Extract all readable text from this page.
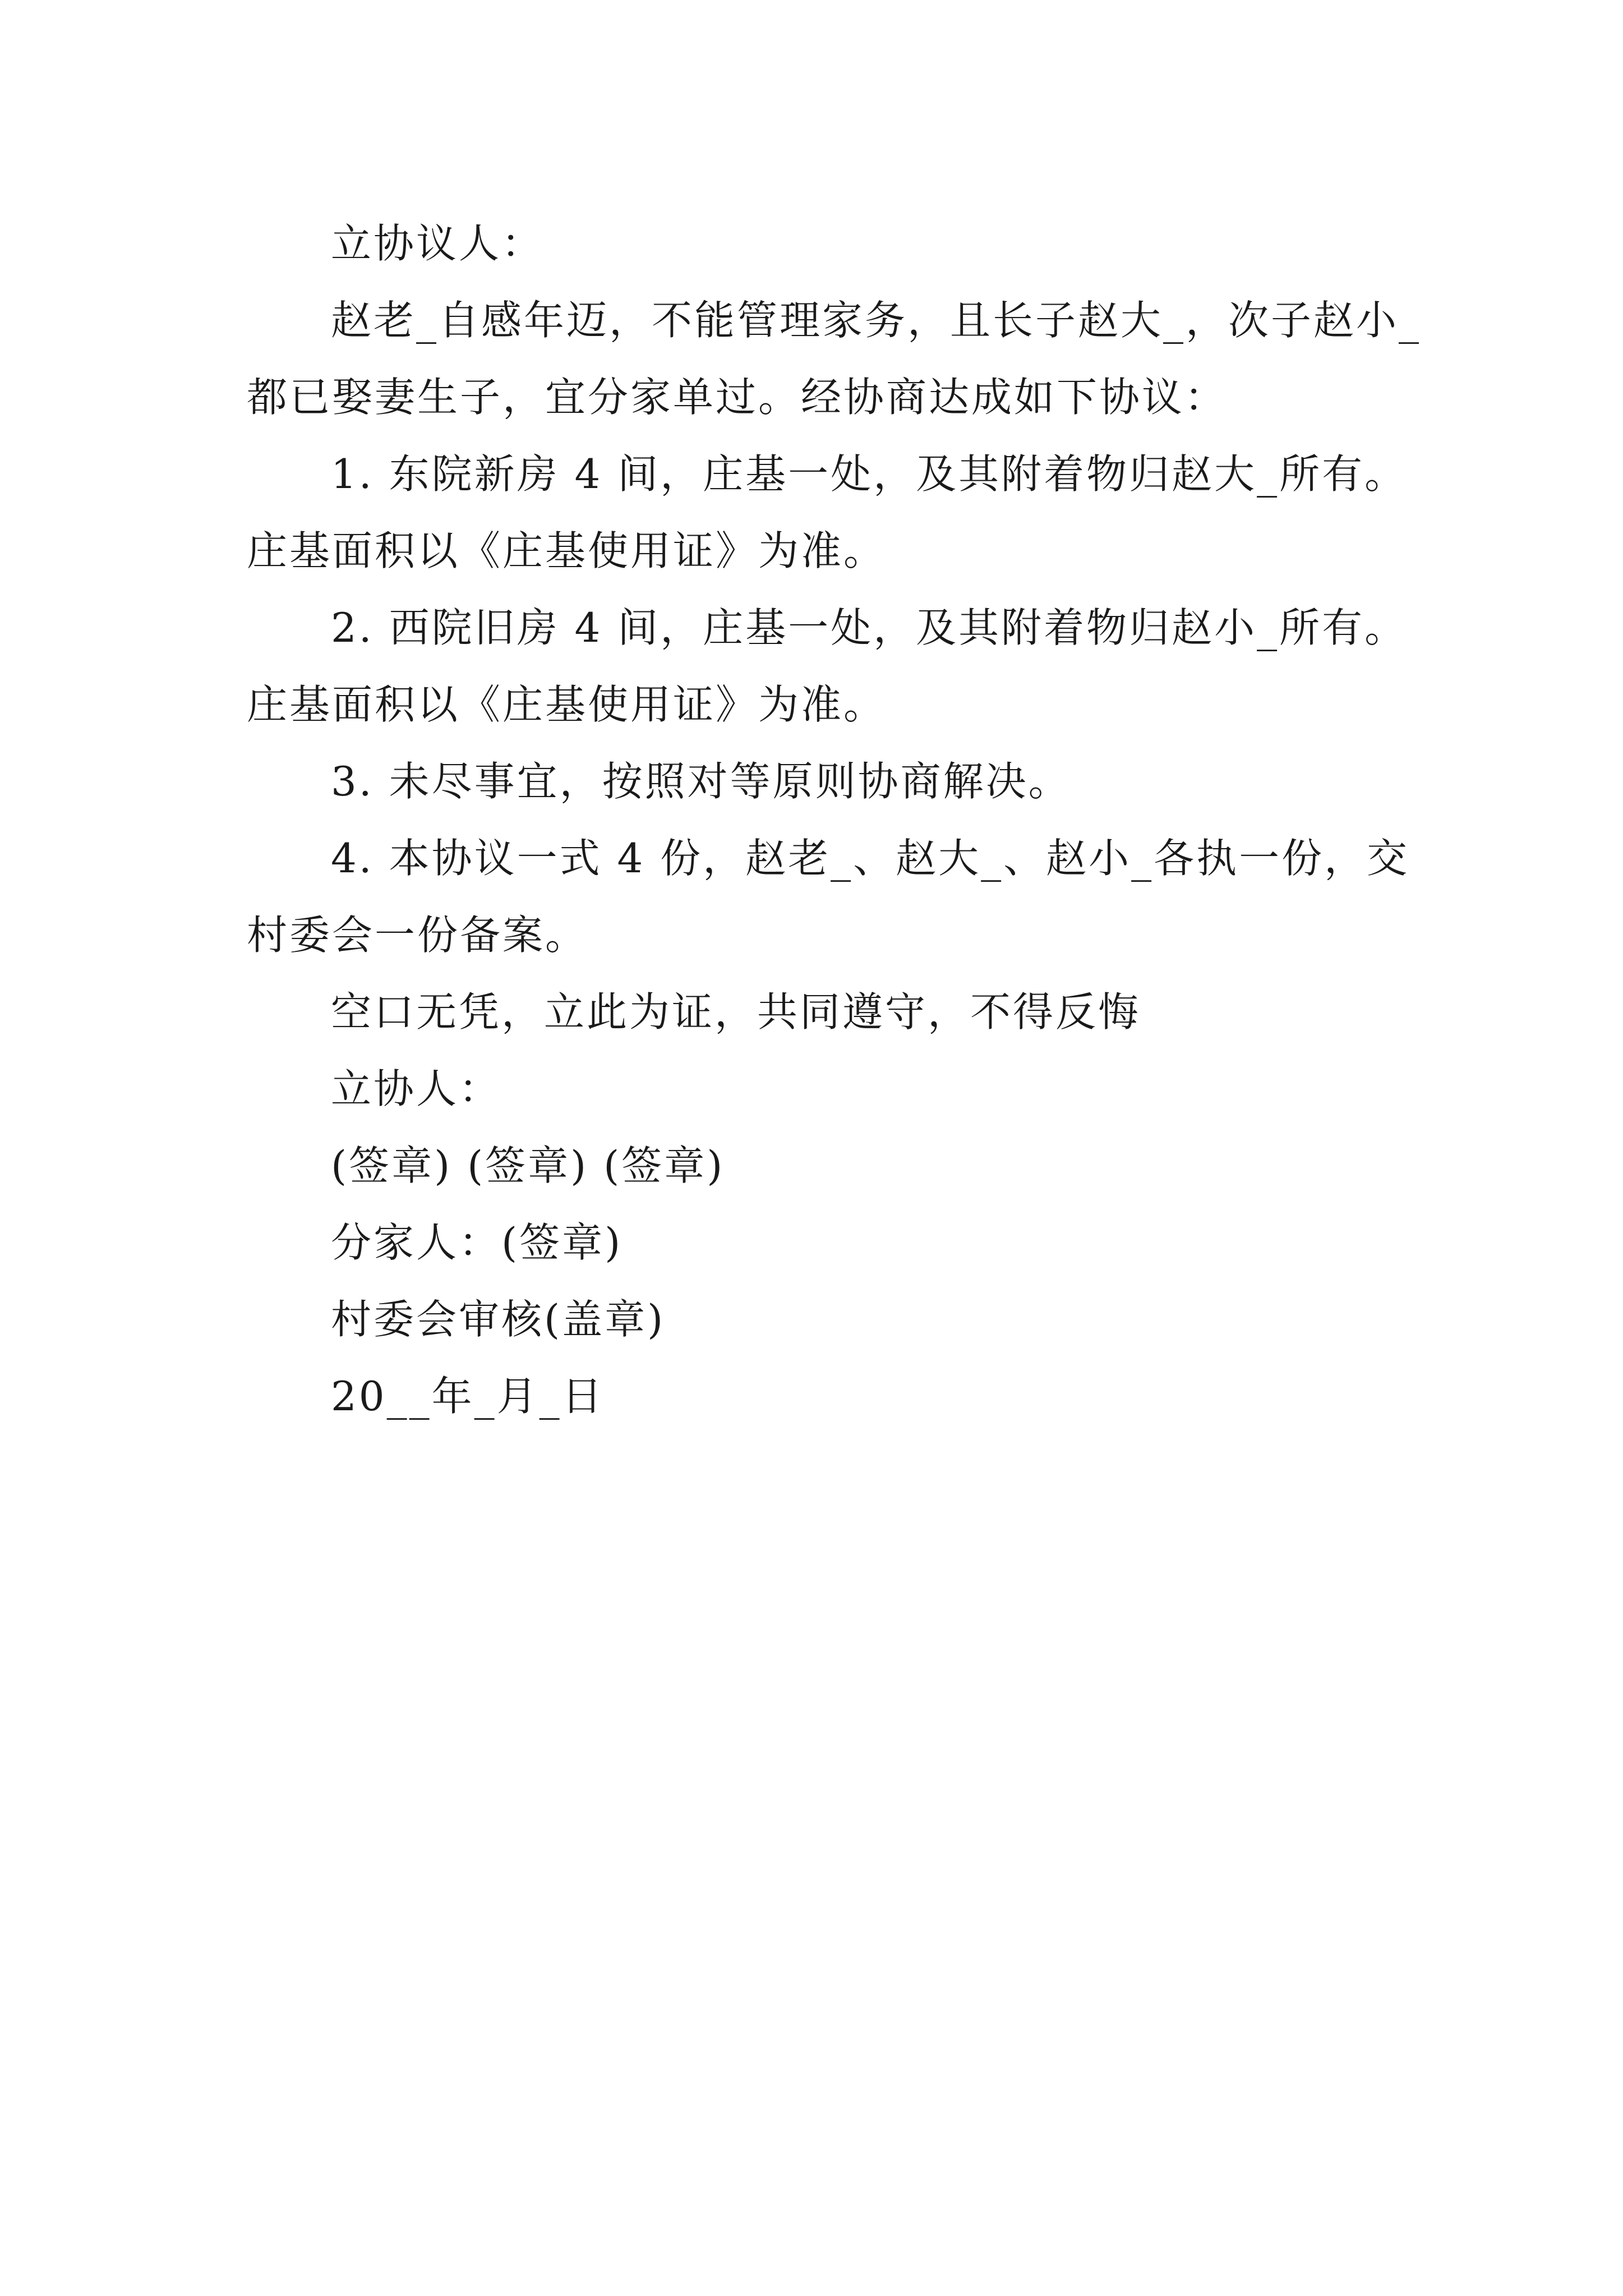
立协议人：

赵老_自感年迈，不能管理家务，且长子赵大_，次子赵小_都已娶妻生子，宜分家单过。经协商达成如下协议：

1. 东院新房 4 间，庄基一处，及其附着物归赵大_所有。庄基面积以《庄基使用证》为准。

2. 西院旧房 4 间，庄基一处，及其附着物归赵小_所有。庄基面积以《庄基使用证》为准。

3. 未尽事宜，按照对等原则协商解决。

4. 本协议一式 4 份，赵老_、赵大_、赵小_各执一份，交村委会一份备案。

空口无凭，立此为证，共同遵守，不得反悔

立协人：

(签章) (签章) (签章)

分家人：(签章)

村委会审核(盖章)

20__年_月_日
